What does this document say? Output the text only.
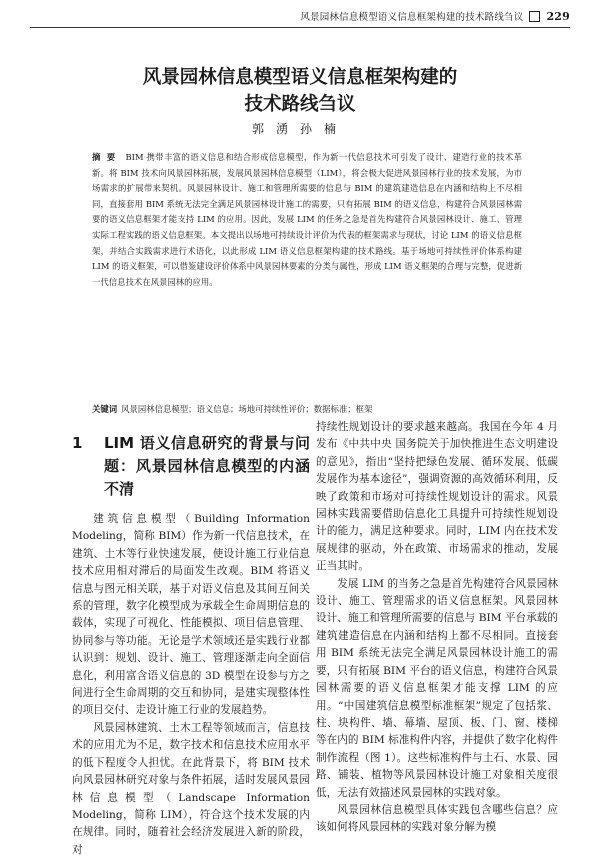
风景园林信息模型语义信息框架构建的技术路线刍议 229
风景园林信息模型语义信息框架构建的
技术路线刍议
郭湧孙楠
摘要 BIM 携带丰富的语义信息和结合形成信息模型，作为新一代信息技术可引发了设计、建造行业的技术革新。将 BIM 技术向风景园林拓展，发展风景园林信息模型（LIM），将会极大促进风景园林行业的技术发展，为市场需求的扩展带来契机。风景园林设计、施工和管理所需要的信息与 BIM 的建筑建造信息在内涵和结构上不尽相同，直接套用 BIM 系统无法完全满足风景园林设计施工的需要，只有拓展 BIM 的语义信息，构建符合风景园林需要的语义信息框架才能支持 LIM 的应用。因此，发展 LIM 的任务之急是首先构建符合风景园林设计、施工、管理实际工程实践的语义信息框架。本文提出以场地可持续设计评价为代表的框架需求与现状，讨论 LIM 的语义信息框架，并结合实践需求进行术语化，以此形成 LIM 语义信息框架构建的技术路线。基于场地可持续性评价体系构建 LIM 的语义框架，可以借鉴建设评价体系中风景园林要素的分类与属性，形成 LIM 语义框架的合理与完整，促进新一代信息技术在风景园林的应用。
关键词 风景园林信息模型；语义信息；场地可持续性评价；数据标准；框架
1	LIM 语义信息研究的背景与问题：风景园林信息模型的内涵不清

建筑信息模型（Building Information Modeling，简称 BIM）作为新一代信息技术，在建筑、土木等行业快速发展，使设计施工行业信息技术应用相对滞后的局面发生改观。BIM 将语义信息与图元相关联，基于对语义信息及其间互间关系的管理，数字化模型成为承载全生命周期信息的载体，实现了可视化、性能模拟、项目信息管理、协同参与等功能。无论是学术领域还是实践行业都认识到：规划、设计、施工、管理逐渐走向全面信息化，利用富含语义信息的 3D 模型在设参与方之间进行全生命周期的交互和协同，是建实现整体性的项目交付、走设计施工行业的发展趋势。

风景园林建筑、土木工程等领域而言，信息技术的应用尤为不足，数字技术和信息技术应用水平的低下程度令人担忧。在此背景下，将 BIM 技术向风景园林研究对象与条件拓展，适时发展风景园林信息模型（Landscape Information Modeling，简称 LIM），符合这个技术发展的内在规律。同时，随着社会经济发展进入新的阶段，对

持续性规划设计的要求越来越高。我国在今年 4 月发布《中共中央 国务院关于加快推进生态文明建设的意见》，指出“坚持把绿色发展、循环发展、低碳发展作为基本途径”，强调资源的高效循环利用，反映了政策和市场对可持续性规划设计的需求。风景园林实践需要借助信息化工具提升可持续性规划设计的能力，满足这种要求。同时，LIM 内在技术发展规律的驱动，外在政策、市场需求的推动，发展正当其时。

发展 LIM 的当务之急是首先构建符合风景园林设计、施工、管理需求的语义信息框架。风景园林设计、施工和管理所需要的信息与 BIM 平台承载的建筑建造信息在内涵和结构上都不尽相同。直接套用 BIM 系统无法完全满足风景园林设计施工的需要，只有拓展 BIM 平台的语义信息，构建符合风景园林需要的语义信息框架才能支撑 LIM 的应用。“中国建筑信息模型标准框架”规定了包括浆、柱、块构件、墙、幕墙、屋顶、板、门、窗、楼梯等在内的 BIM 标准构件内容，并提供了数字化构件制作流程（图 1）。这些标准构件与土石、水景、园路、铺装、植物等风景园林设计施工对象相关度很低，无法有效描述风景园林的实践对象。

风景园林信息模型具体实践包含哪些信息？应该如何将风景园林的实践对象分解为模
